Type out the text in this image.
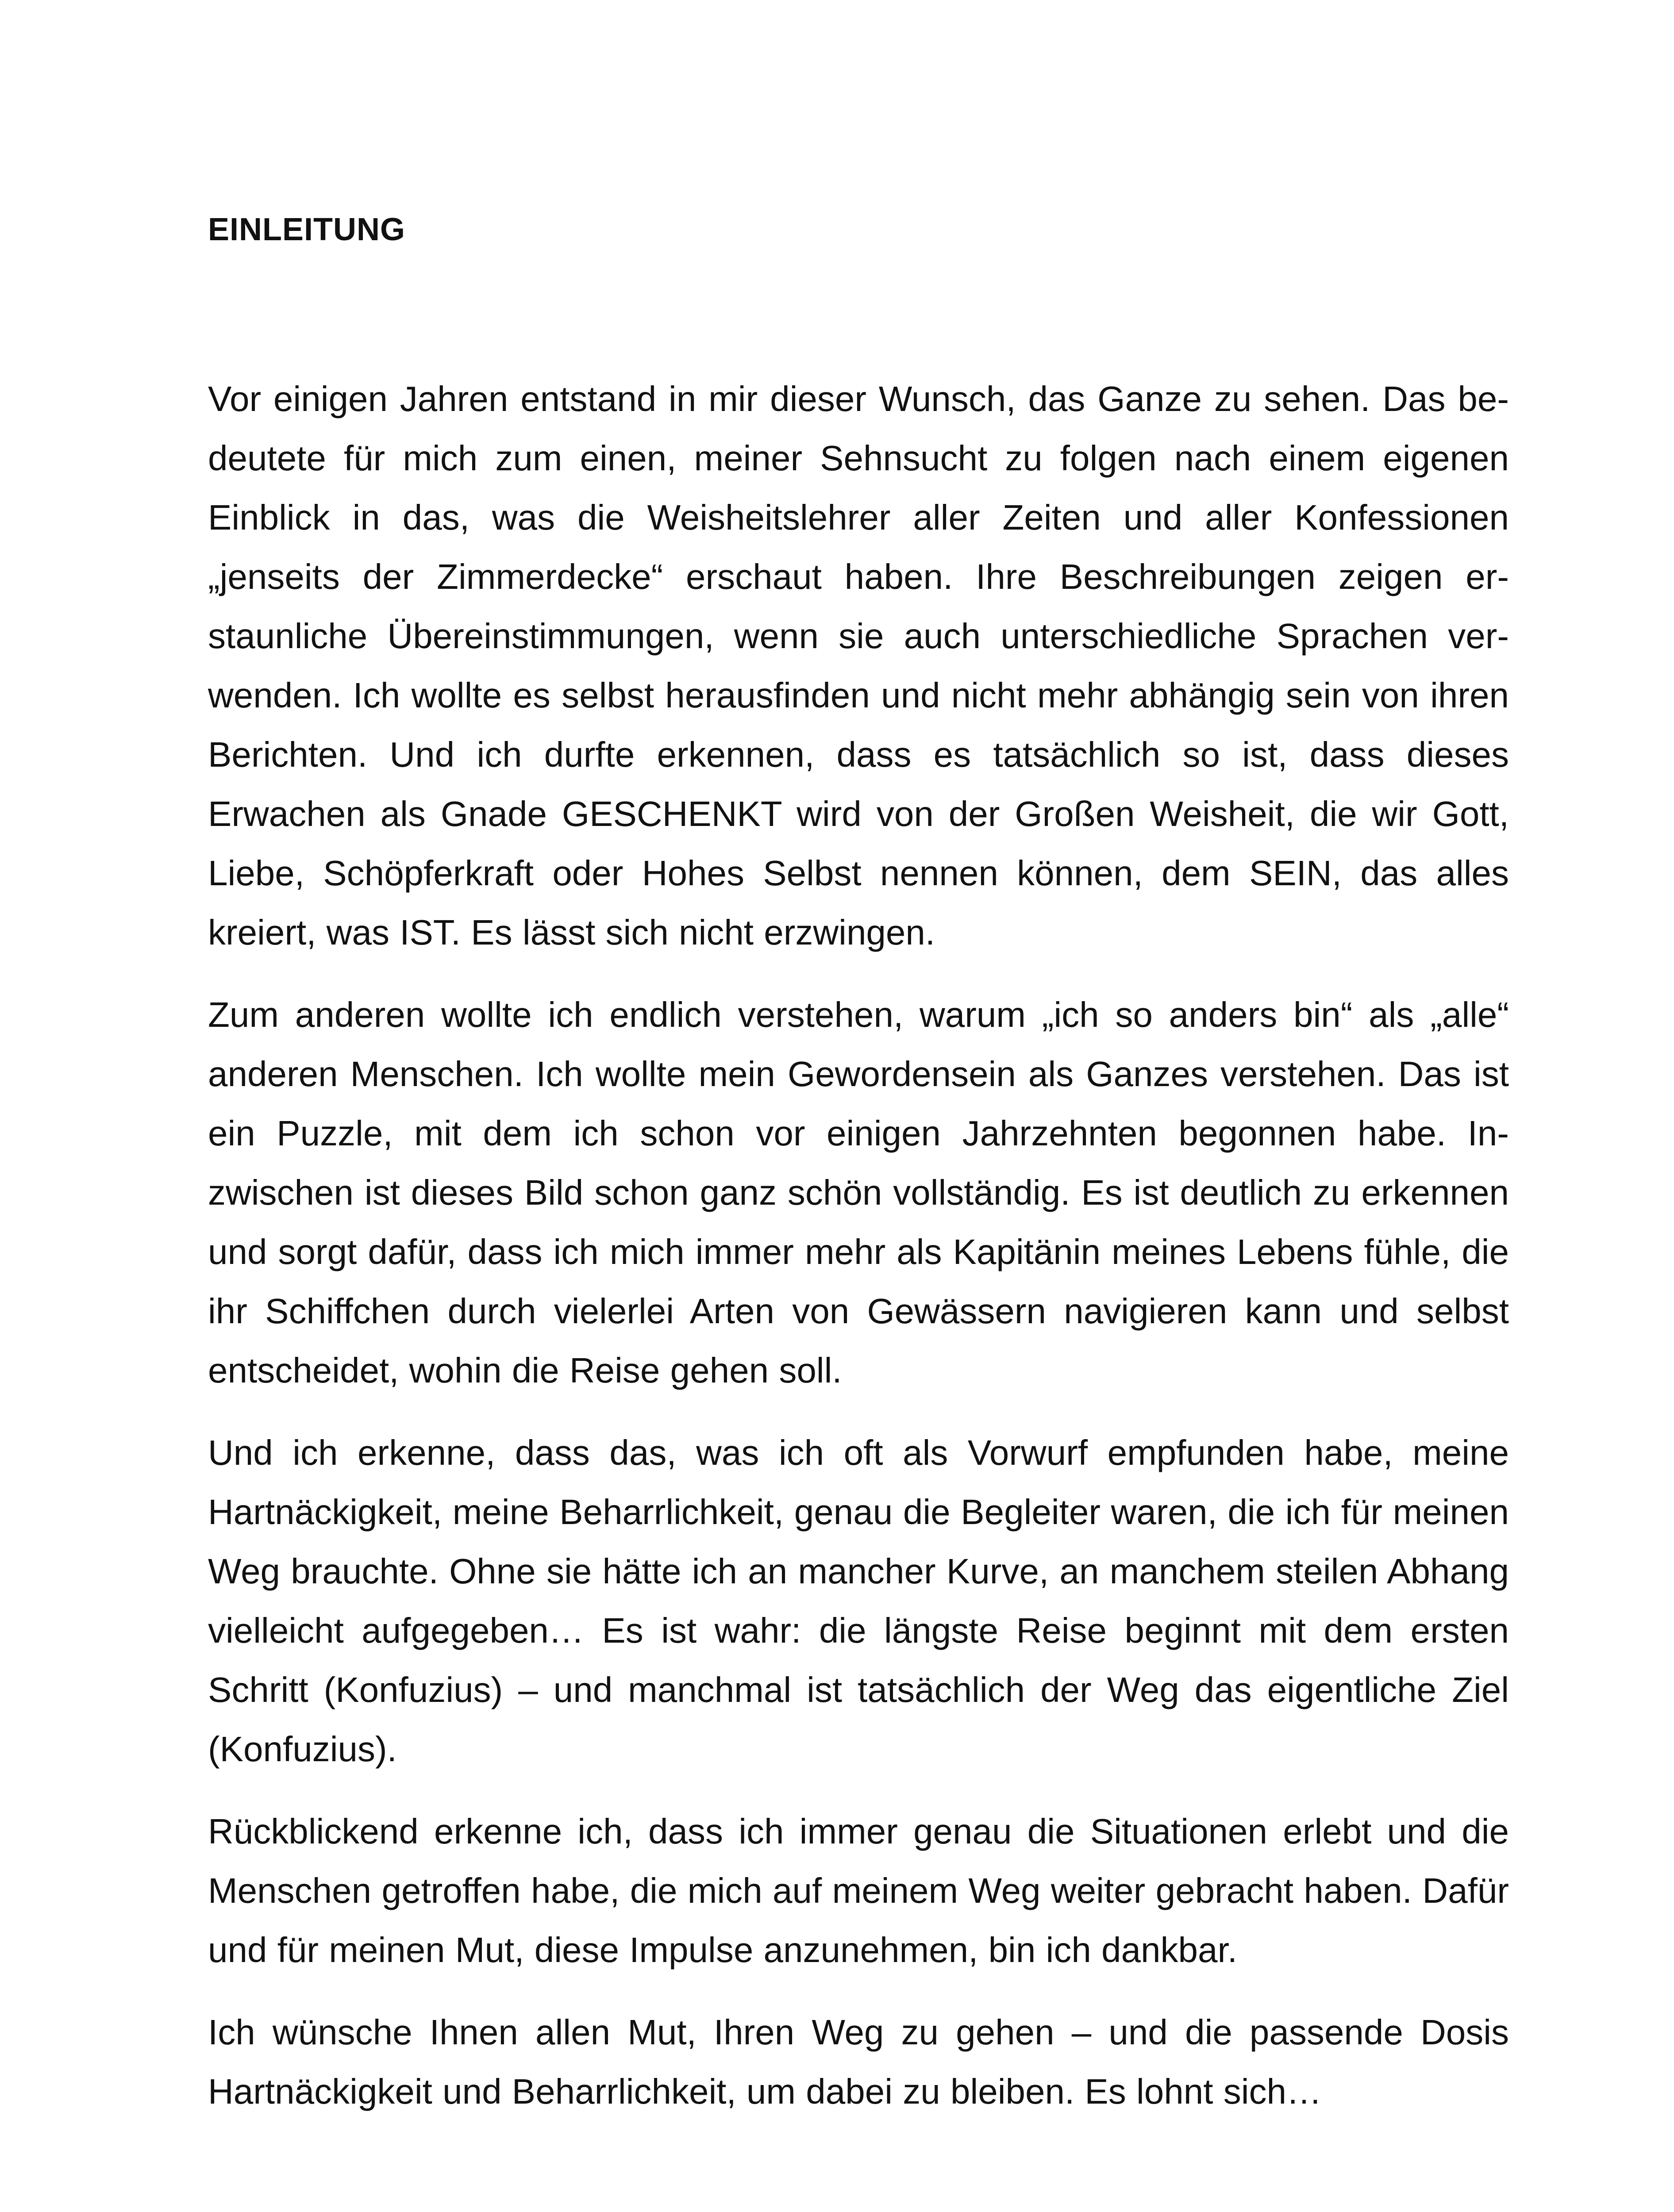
EINLEITUNG

Vor einigen Jahren entstand in mir dieser Wunsch, das Ganze zu sehen. Das bedeutete für mich zum einen, meiner Sehnsucht zu folgen nach einem eigenen Einblick in das, was die Weisheitslehrer aller Zeiten und aller Konfessionen „jenseits der Zimmerdecke“ erschaut haben. Ihre Beschreibungen zeigen erstaunliche Übereinstimmungen, wenn sie auch unterschiedliche Sprachen verwenden. Ich wollte es selbst herausfinden und nicht mehr abhängig sein von ihren Berichten. Und ich durfte erkennen, dass es tatsächlich so ist, dass dieses Erwachen als Gnade GESCHENKT wird von der Großen Weisheit, die wir Gott, Liebe, Schöpferkraft oder Hohes Selbst nennen können, dem SEIN, das alles kreiert, was IST. Es lässt sich nicht erzwingen.

Zum anderen wollte ich endlich verstehen, warum „ich so anders bin“ als „alle“ anderen Menschen. Ich wollte mein Gewordensein als Ganzes verstehen. Das ist ein Puzzle, mit dem ich schon vor einigen Jahrzehnten begonnen habe. Inzwischen ist dieses Bild schon ganz schön vollständig. Es ist deutlich zu erkennen und sorgt dafür, dass ich mich immer mehr als Kapitänin meines Lebens fühle, die ihr Schiffchen durch vielerlei Arten von Gewässern navigieren kann und selbst entscheidet, wohin die Reise gehen soll.

Und ich erkenne, dass das, was ich oft als Vorwurf empfunden habe, meine Hartnäckigkeit, meine Beharrlichkeit, genau die Begleiter waren, die ich für meinen Weg brauchte. Ohne sie hätte ich an mancher Kurve, an manchem steilen Abhang vielleicht aufgegeben… Es ist wahr: die längste Reise beginnt mit dem ersten Schritt (Konfuzius) – und manchmal ist tatsächlich der Weg das eigentliche Ziel (Konfuzius).

Rückblickend erkenne ich, dass ich immer genau die Situationen erlebt und die Menschen getroffen habe, die mich auf meinem Weg weiter gebracht haben. Dafür und für meinen Mut, diese Impulse anzunehmen, bin ich dankbar.

Ich wünsche Ihnen allen Mut, Ihren Weg zu gehen – und die passende Dosis Hartnäckigkeit und Beharrlichkeit, um dabei zu bleiben. Es lohnt sich…
